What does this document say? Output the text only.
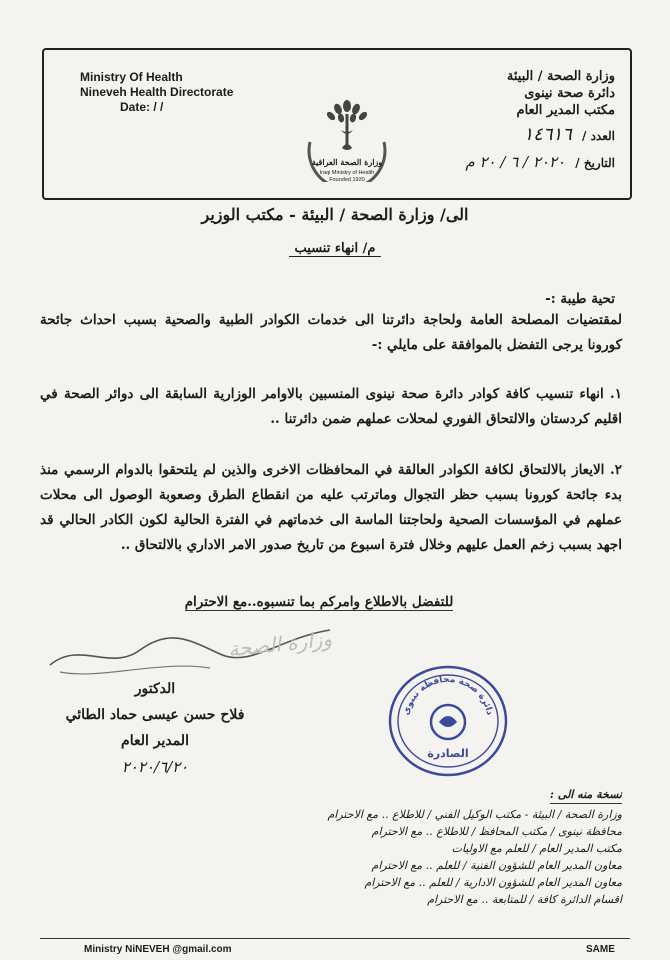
Ministry Of Health
Nineveh Health Directorate
Date: / /
وزارة الصحة / البيئة
دائرة صحة نينوى
مكتب المدير العام
العدد / ١٤٦١٦
التاريخ / ٢٠٢٠ / ٦ / ٢٠ م
وزارة الصحة العراقية
Iraqi Ministry of Health
Founded 1920
الى/ وزارة الصحة / البيئة - مكتب الوزير
م/ انهاء تنسيب
تحية طيبة :-
لمقتضيات المصلحة العامة ولحاجة دائرتنا الى خدمات الكوادر الطبية والصحية بسبب احداث جائحة كورونا يرجى التفضل بالموافقة على مايلي :-
١. انهاء تنسيب كافة كوادر دائرة صحة نينوى المنسبين بالاوامر الوزارية السابقة الى دوائر الصحة في اقليم كردستان والالتحاق الفوري لمحلات عملهم ضمن دائرتنا ..
٢. الايعاز بالالتحاق لكافة الكوادر العالقة في المحافظات الاخرى والذين لم يلتحقوا بالدوام الرسمي منذ بدء جائحة كورونا بسبب حظر التجوال وماترتب عليه من انقطاع الطرق وصعوبة الوصول الى محلات عملهم في المؤسسات الصحية ولحاجتنا الماسة الى خدماتهم في الفترة الحالية لكون الكادر الحالي قد اجهد بسبب زخم العمل عليهم وخلال فترة اسبوع من تاريخ صدور الامر الاداري بالالتحاق ..
للتفضل بالاطلاع وامركم بما تنسبوه..مع الاحترام
وزارة الصحة
الدكتور
فلاح حسن عيسى حماد الطائي
المدير العام
٢٠٢٠/٦/٢٠
دائرة صحة محافظة نينوى
الصادرة
نسخة منه الى :
وزارة الصحة / البيئة - مكتب الوكيل الفني / للاطلاع .. مع الاحترام
محافظة نينوى / مكتب المحافظ / للاطلاع .. مع الاحترام
مكتب المدير العام / للعلم مع الاوليات
معاون المدير العام للشؤون الفنية / للعلم .. مع الاحترام
معاون المدير العام للشؤون الادارية / للعلم .. مع الاحترام
اقسام الدائرة كافة / للمتابعة .. مع الاحترام
Ministry NiNEVEH @gmail.com	SAME
